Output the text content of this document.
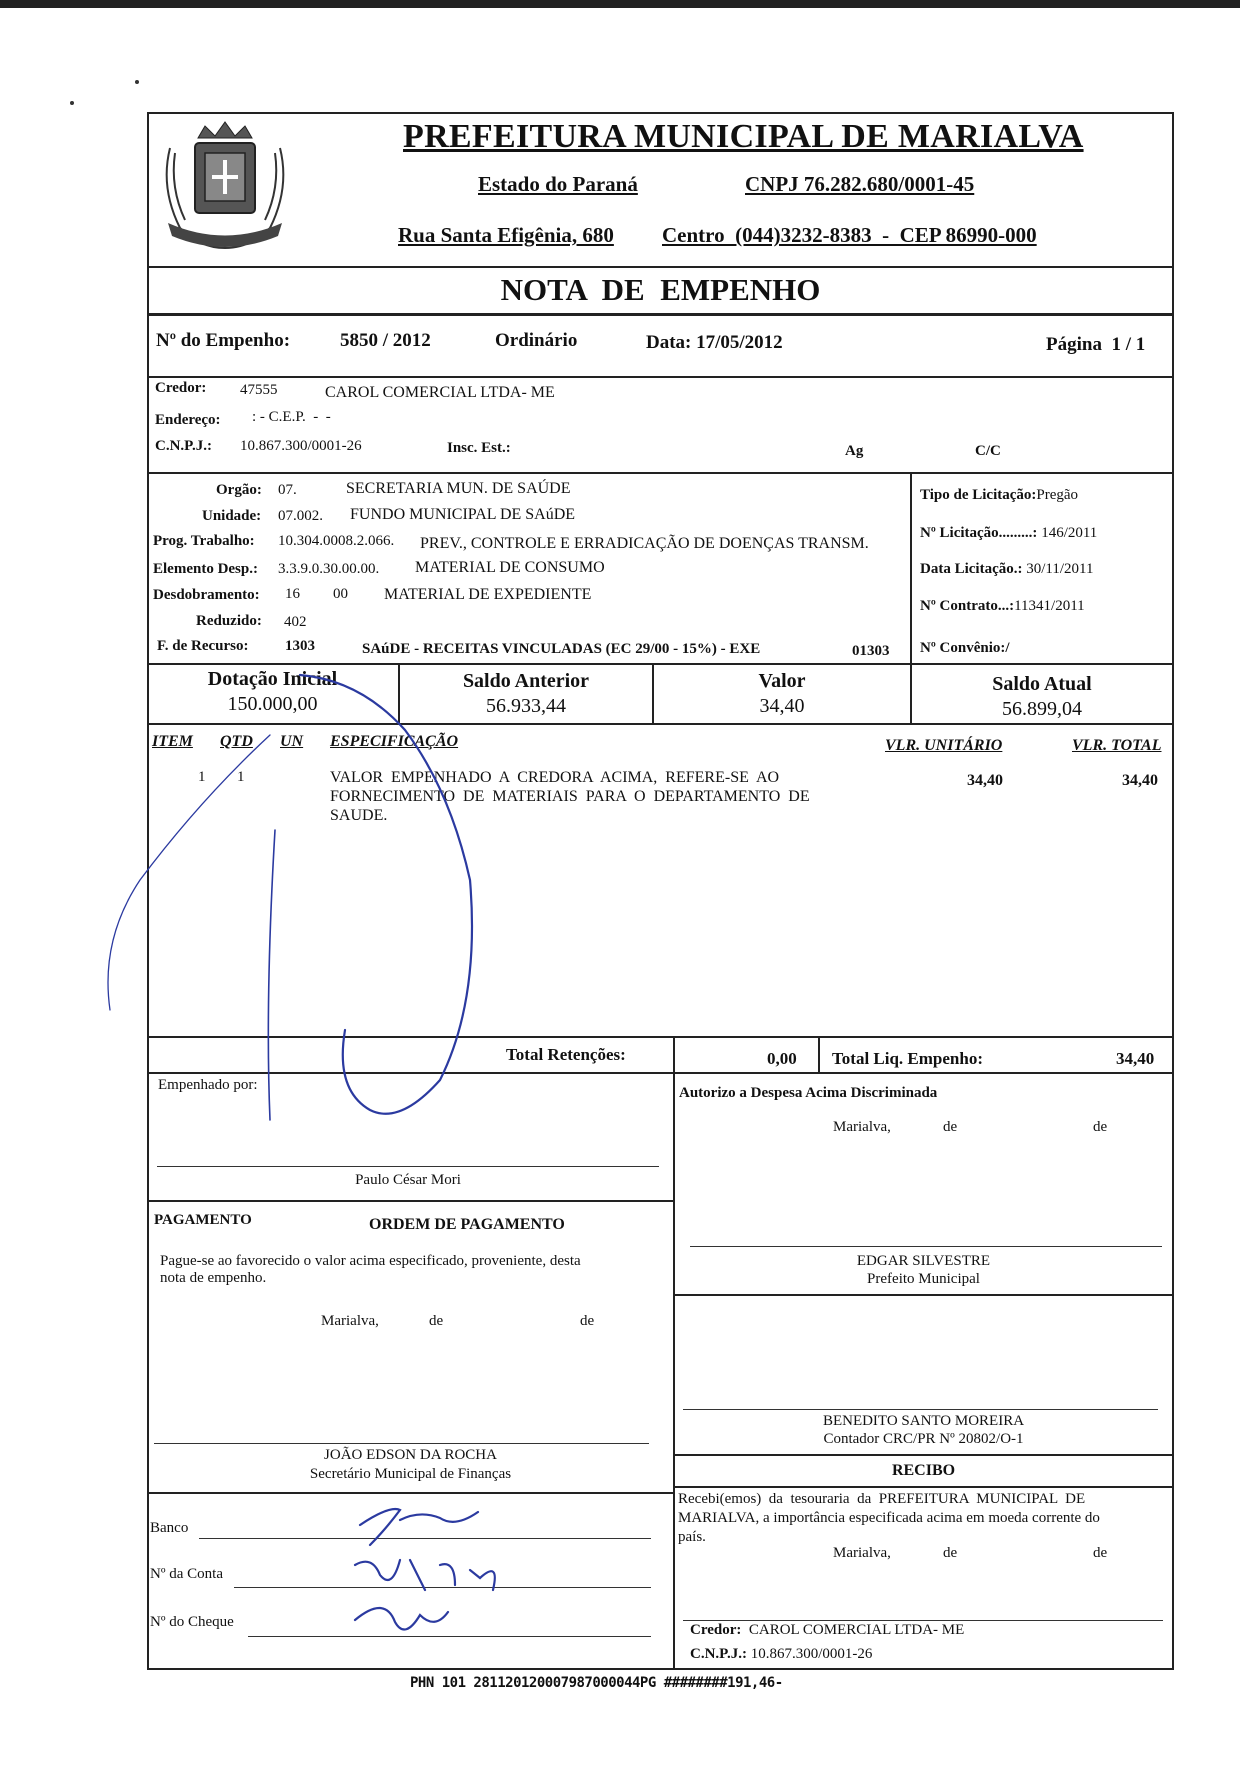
PREFEITURA MUNICIPAL DE MARIALVA
Estado do Paraná	CNPJ 76.282.680/0001-45
Rua Santa Efigênia, 680 Centro  (044)3232-8383  -  CEP 86990-000
NOTA  DE  EMPENHO
Nº do Empenho:	5850 / 2012	Ordinário	Data: 17/05/2012	Página  1 / 1
Credor: 47555	CAROL COMERCIAL LTDA- ME
Endereço: : - C.E.P.  -  -
C.N.P.J.: 10.867.300/0001-26	Insc. Est.:	Ag	C/C
Orgão: 07.	SECRETARIA MUN. DE SAÚDE
Unidade: 07.002. FUNDO MUNICIPAL DE SAúDE
Prog. Trabalho: 10.304.0008.2.066. PREV., CONTROLE E ERRADICAÇÃO DE DOENÇAS TRANSM.
Elemento Desp.: 3.3.9.0.30.00.00. MATERIAL DE CONSUMO
Desdobramento: 16 00 MATERIAL DE EXPEDIENTE
Reduzido: 402
F. de Recurso: 1303	SAúDE - RECEITAS VINCULADAS (EC 29/00 - 15%) - EXE	01303
Tipo de Licitação:Pregão
Nº Licitação.........: 146/2011
Data Licitação.: 30/11/2011
Nº Contrato...:11341/2011
Nº Convênio:/
Dotação Inicial
150.000,00
Saldo Anterior
56.933,44
Valor
34,40
Saldo Atual
56.899,04
ITEM QTD UN ESPECIFICAÇÃO	VLR. UNITÁRIO	VLR. TOTAL
1 1	VALOR  EMPENHADO  A  CREDORA  ACIMA,  REFERE-SE  AO
FORNECIMENTO  DE  MATERIAIS  PARA  O  DEPARTAMENTO  DE
SAUDE.
34,40	34,40
Total Retenções:	0,00 Total Liq. Empenho:	34,40
Empenhado por:
Paulo César Mori
Autorizo a Despesa Acima Discriminada
Marialva,	de	de
EDGAR SILVESTRE
Prefeito Municipal
PAGAMENTO	ORDEM DE PAGAMENTO
Pague-se ao favorecido o valor acima especificado, proveniente, desta
nota de empenho.
Marialva,	de	de
JOÃO EDSON DA ROCHA
Secretário Municipal de Finanças
BENEDITO SANTO MOREIRA
Contador CRC/PR Nº 20802/O-1
RECIBO
Recebi(emos)  da  tesouraria  da  PREFEITURA  MUNICIPAL  DE
MARIALVA, a importância especificada acima em moeda corrente do
país.
Marialva,	de	de
Credor: CAROL COMERCIAL LTDA- ME
C.N.P.J.: 10.867.300/0001-26
Banco
Nº da Conta
Nº do Cheque
PHN 101 281120120007987000044PG ########191,46-
